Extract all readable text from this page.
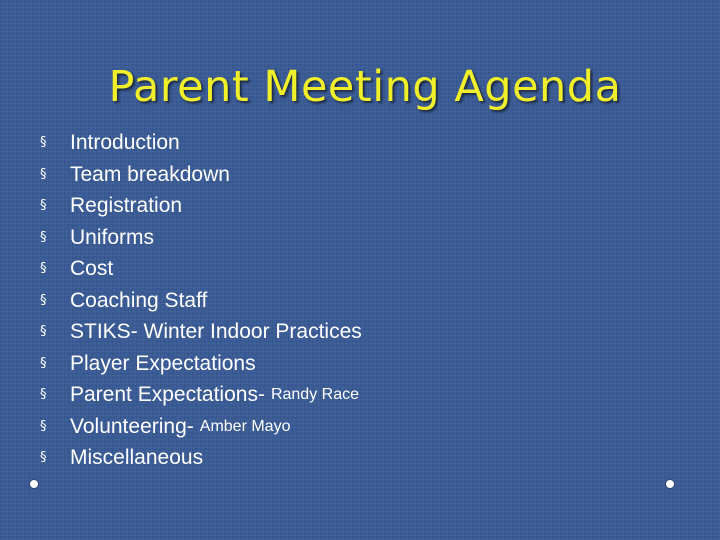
Parent Meeting Agenda
§	Introduction
§	Team breakdown
§	Registration
§	Uniforms
§	Cost
§	Coaching Staff
§	STIKS- Winter Indoor Practices
§	Player Expectations
§	Parent Expectations- Randy Race
§	Volunteering- Amber Mayo
§	Miscellaneous
